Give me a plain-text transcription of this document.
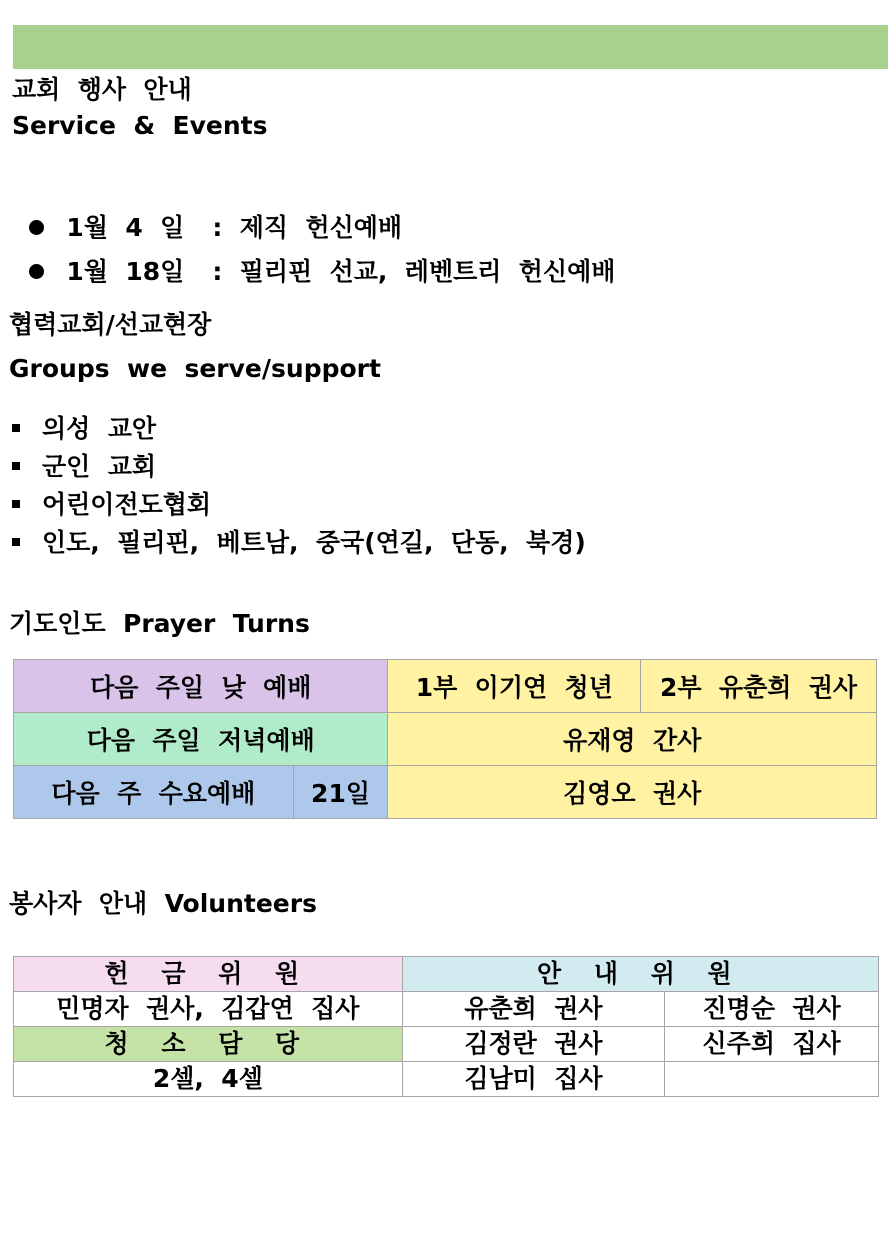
교회  행사  안내
Service  &  Events

1월  4  일 :  제직  헌신예배

1월  18일 :  필리핀  선교,  레벤트리  헌신예배

협력교회/선교현장
Groups  we  serve/support
의성  교안
군인  교회
어린이전도협회
인도,  필리핀,  베트남,  중국(연길,  단동,  북경)
기도인도  Prayer  Turns
다음  주일  낮  예배		1부  이기연  청년	2부  유춘희  권사
다음  주일  저녁예배		유재영  간사	
다음  주  수요예배	21일	김영오  권사	
봉사자  안내  Volunteers
헌 금 위 원	안 내 위 원	
민명자  권사,  김갑연  집사	유춘희  권사	진명순  권사
청 소 담 당	김정란  권사	신주희  집사
2셀,  4셀	김남미  집사	
